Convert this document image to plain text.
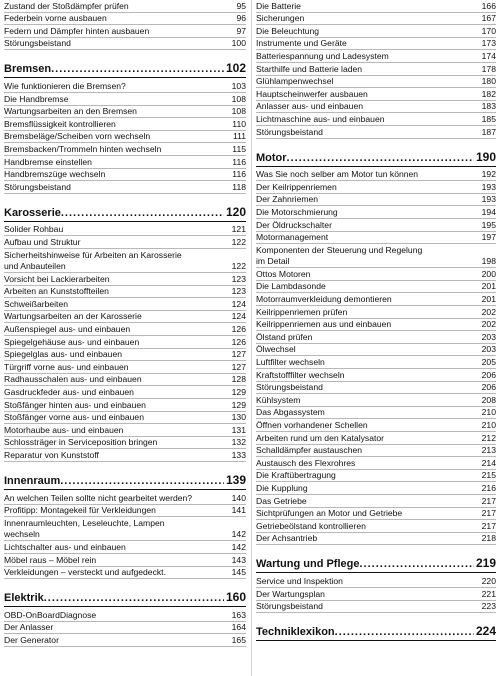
Zustand der Stoßdämpfer prüfen	95
Federbein vorne ausbauen	96
Federn und Dämpfer hinten ausbauen	97
Störungsbeistand	100
Bremsen .....	102
Wie funktionieren die Bremsen?	103
Die Handbremse	108
Wartungsarbeiten an den Bremsen	108
Bremsflüssigkeit kontrollieren	110
Bremsbeläge/Scheiben vorn wechseln	111
Bremsbacken/Trommeln hinten wechseln	115
Handbremse einstellen	116
Handbremszüge wechseln	116
Störungsbeistand	118
Karosserie .....	120
Solider Rohbau	121
Aufbau und Struktur	122
Sicherheitshinweise für Arbeiten an Karosserie
und Anbauteilen	122
Vorsicht bei Lackierarbeiten	123
Arbeiten an Kunststoffteilen	123
Schweißarbeiten	124
Wartungsarbeiten an der Karosserie	124
Außenspiegel aus- und einbauen	126
Spiegelgehäuse aus- und einbauen	126
Spiegelglas aus- und einbauen	127
Türgriff vorne aus- und einbauen	127
Radhausschalen aus- und einbauen	128
Gasdruckfeder aus- und einbauen	129
Stoßfänger hinten aus- und einbauen	129
Stoßfänger vorne aus- und einbauen	130
Motorhaube aus- und einbauen	131
Schlossträger in Serviceposition bringen	132
Reparatur von Kunststoff	133
Innenraum .....	139
An welchen Teilen sollte nicht gearbeitet werden?	140
Profitipp: Montagekeil für Verkleidungen	141
Innenraumleuchten, Leseleuchte, Lampen
wechseln	142
Lichtschalter aus- und einbauen	142
Möbel raus – Möbel rein	143
Verkleidungen – versteckt und aufgedeckt.	145
Elektrik .....	160
OBD-OnBoardDiagnose	163
Der Anlasser	164
Der Generator	165
Die Batterie	166
Sicherungen	167
Die Beleuchtung	170
Instrumente und Geräte	173
Batteriespannung und Ladesystem	174
Starthilfe und Batterie laden	178
Glühlampenwechsel	180
Hauptscheinwerfer ausbauen	182
Anlasser aus- und einbauen	183
Lichtmaschine aus- und einbauen	185
Störungsbeistand	187
Motor .....	190
Was Sie noch selber am Motor tun können	192
Der Keilrippenriemen	193
Der Zahnriemen	193
Die Motorschmierung	194
Der Öldruckschalter	195
Motormanagement	197
Komponenten der Steuerung und Regelung
im Detail	198
Ottos Motoren	200
Die Lambdasonde	201
Motorraumverkleidung demontieren	201
Keilrippenriemen prüfen	202
Keilrippenriemen aus und einbauen	202
Ölstand prüfen	203
Ölwechsel	203
Luftfilter wechseln	205
Kraftstofffilter wechseln	206
Störungsbeistand	206
Kühlsystem	208
Das Abgassystem	210
Öffnen vorhandener Schellen	210
Arbeiten rund um den Katalysator	212
Schalldämpfer austauschen	213
Austausch des Flexrohres	214
Die Kraftübertragung	215
Die Kupplung	216
Das Getriebe	217
Sichtprüfungen an Motor und Getriebe	217
Getriebeölstand kontrollieren	217
Der Achsantrieb	218
Wartung und Pflege .....	219
Service und Inspektion	220
Der Wartungsplan	221
Störungsbeistand	223
Techniklexikon .....	224
